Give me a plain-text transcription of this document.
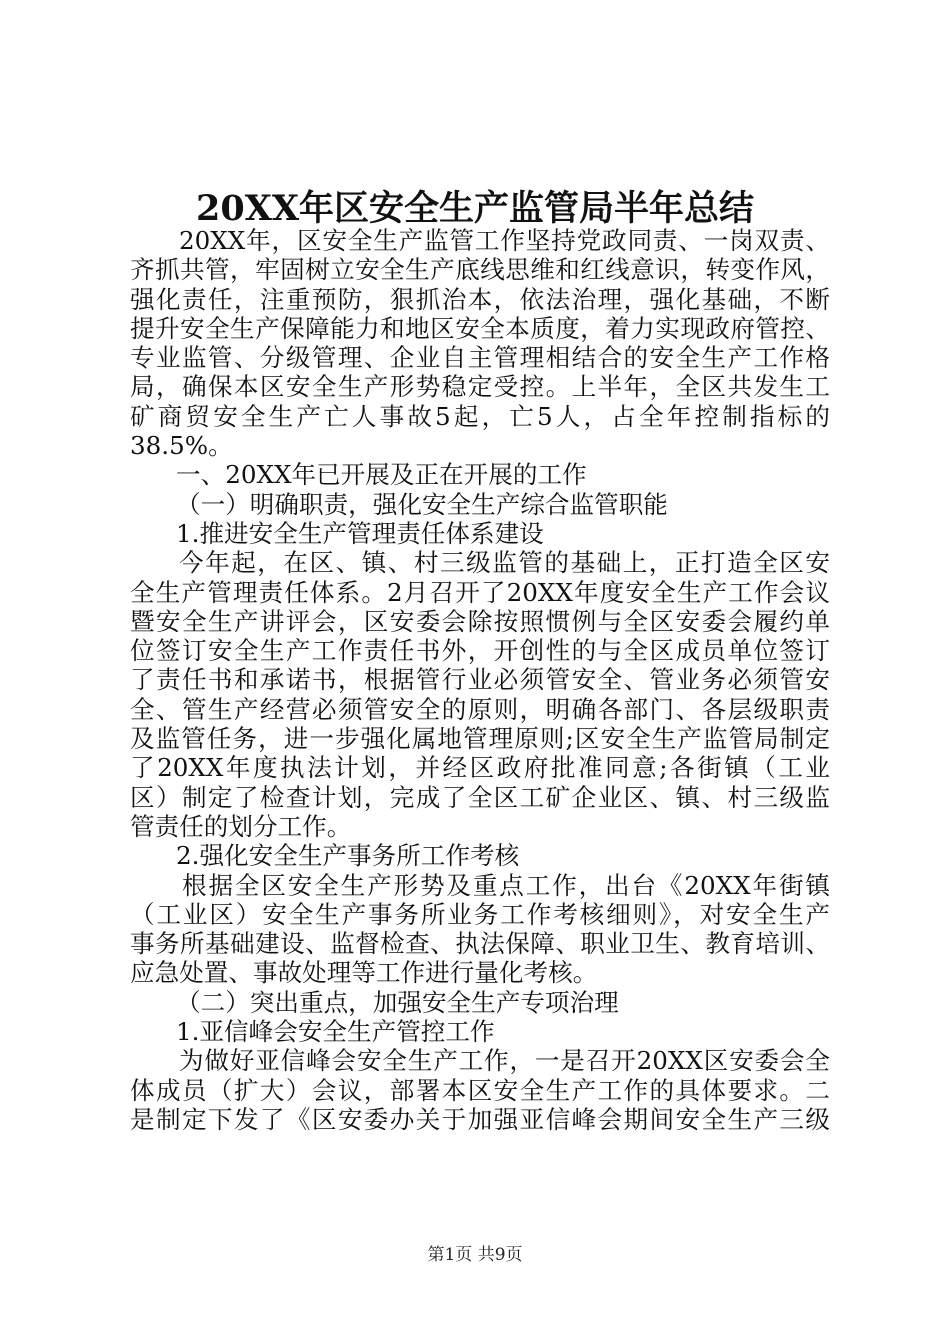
20XX年区安全生产监管局半年总结
20XX年，区安全生产监管工作坚持党政同责、一岗双责、
齐抓共管，牢固树立安全生产底线思维和红线意识，转变作风，
强化责任，注重预防，狠抓治本，依法治理，强化基础，不断
提升安全生产保障能力和地区安全本质度，着力实现政府管控、
专业监管、分级管理、企业自主管理相结合的安全生产工作格
局，确保本区安全生产形势稳定受控。上半年，全区共发生工
矿商贸安全生产亡人事故5起，亡5人，占全年控制指标的
38.5%。
一、20XX年已开展及正在开展的工作
（一）明确职责，强化安全生产综合监管职能
1.推进安全生产管理责任体系建设
今年起，在区、镇、村三级监管的基础上，正打造全区安
全生产管理责任体系。2月召开了20XX年度安全生产工作会议
暨安全生产讲评会，区安委会除按照惯例与全区安委会履约单
位签订安全生产工作责任书外，开创性的与全区成员单位签订
了责任书和承诺书，根据管行业必须管安全、管业务必须管安
全、管生产经营必须管安全的原则，明确各部门、各层级职责
及监管任务，进一步强化属地管理原则;区安全生产监管局制定
了20XX年度执法计划，并经区政府批准同意;各街镇（工业
区）制定了检查计划，完成了全区工矿企业区、镇、村三级监
管责任的划分工作。
2.强化安全生产事务所工作考核
根据全区安全生产形势及重点工作，出台《20XX年街镇
（工业区）安全生产事务所业务工作考核细则》，对安全生产
事务所基础建设、监督检查、执法保障、职业卫生、教育培训、
应急处置、事故处理等工作进行量化考核。
（二）突出重点，加强安全生产专项治理
1.亚信峰会安全生产管控工作
为做好亚信峰会安全生产工作，一是召开20XX区安委会全
体成员（扩大）会议，部署本区安全生产工作的具体要求。二
是制定下发了《区安委办关于加强亚信峰会期间安全生产三级
第1页 共9页
